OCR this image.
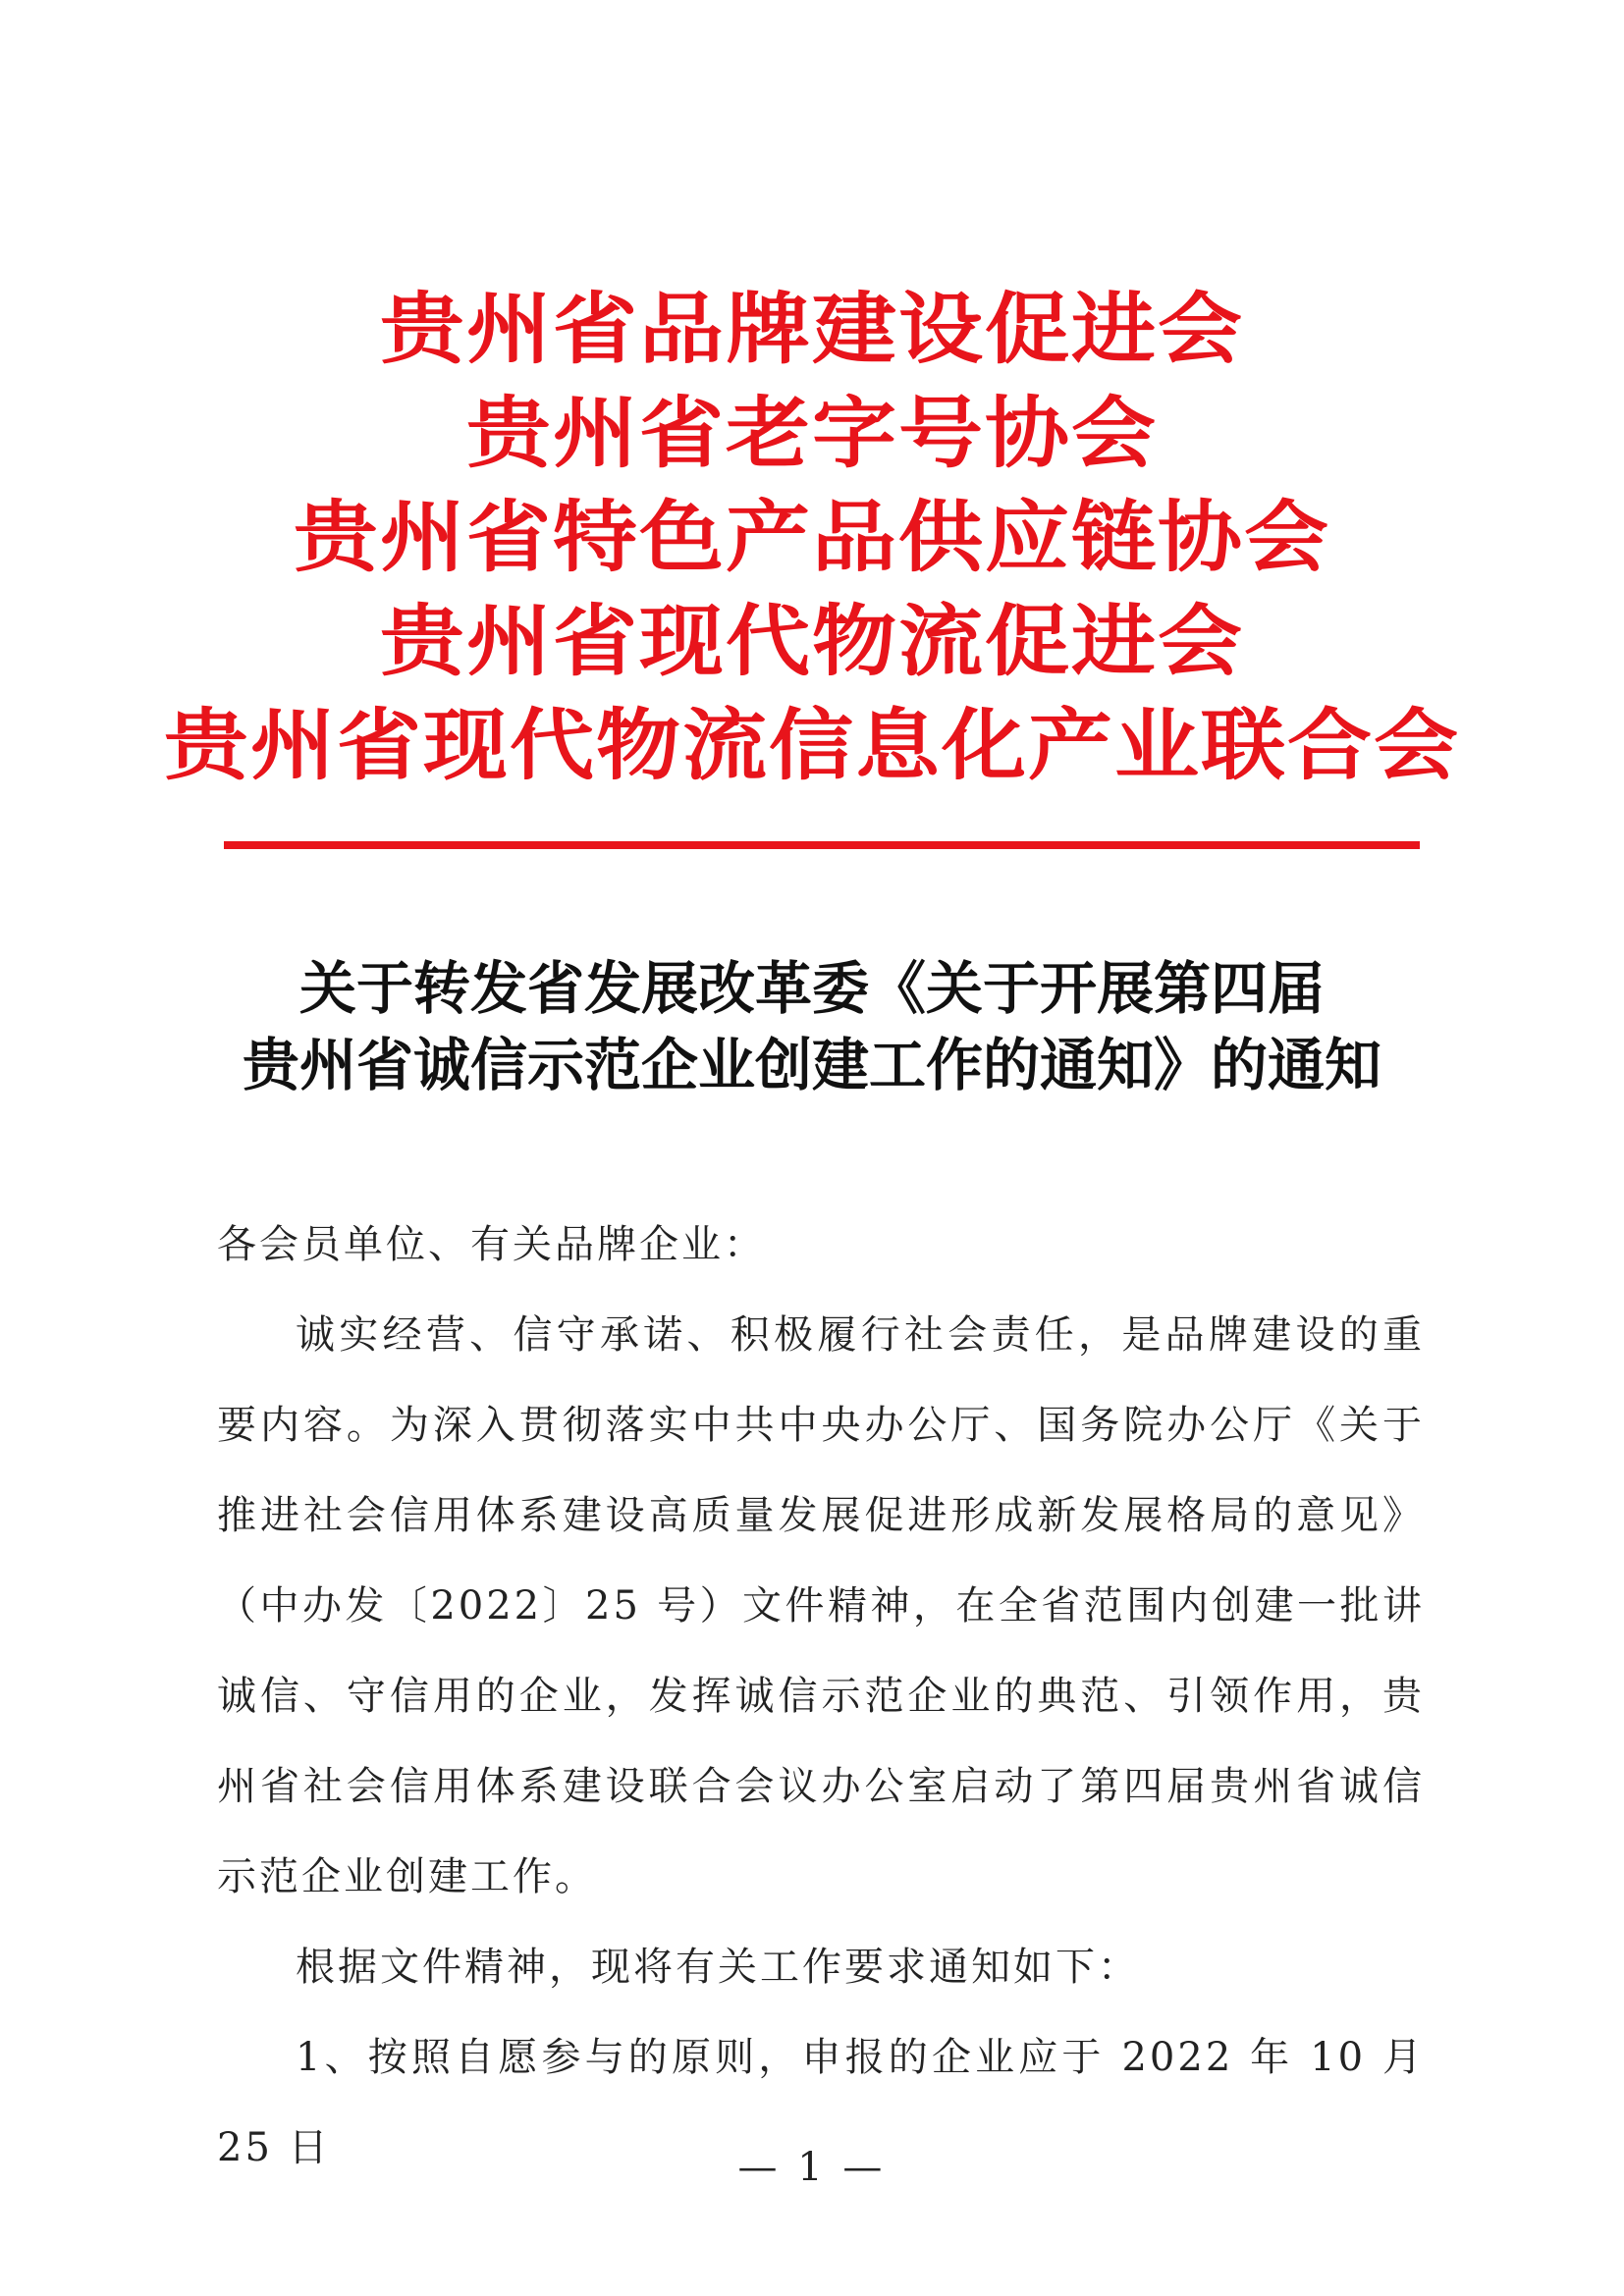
贵州省品牌建设促进会
贵州省老字号协会
贵州省特色产品供应链协会
贵州省现代物流促进会
贵州省现代物流信息化产业联合会
关于转发省发展改革委《关于开展第四届
贵州省诚信示范企业创建工作的通知》的通知
各会员单位、有关品牌企业：
诚实经营、信守承诺、积极履行社会责任，是品牌建设的重要内容。为深入贯彻落实中共中央办公厅、国务院办公厅《关于推进社会信用体系建设高质量发展促进形成新发展格局的意见》（中办发〔2022〕25 号）文件精神，在全省范围内创建一批讲诚信、守信用的企业，发挥诚信示范企业的典范、引领作用，贵州省社会信用体系建设联合会议办公室启动了第四届贵州省诚信示范企业创建工作。
根据文件精神，现将有关工作要求通知如下：
1、按照自愿参与的原则，申报的企业应于 2022 年 10 月 25 日	— 1 —
